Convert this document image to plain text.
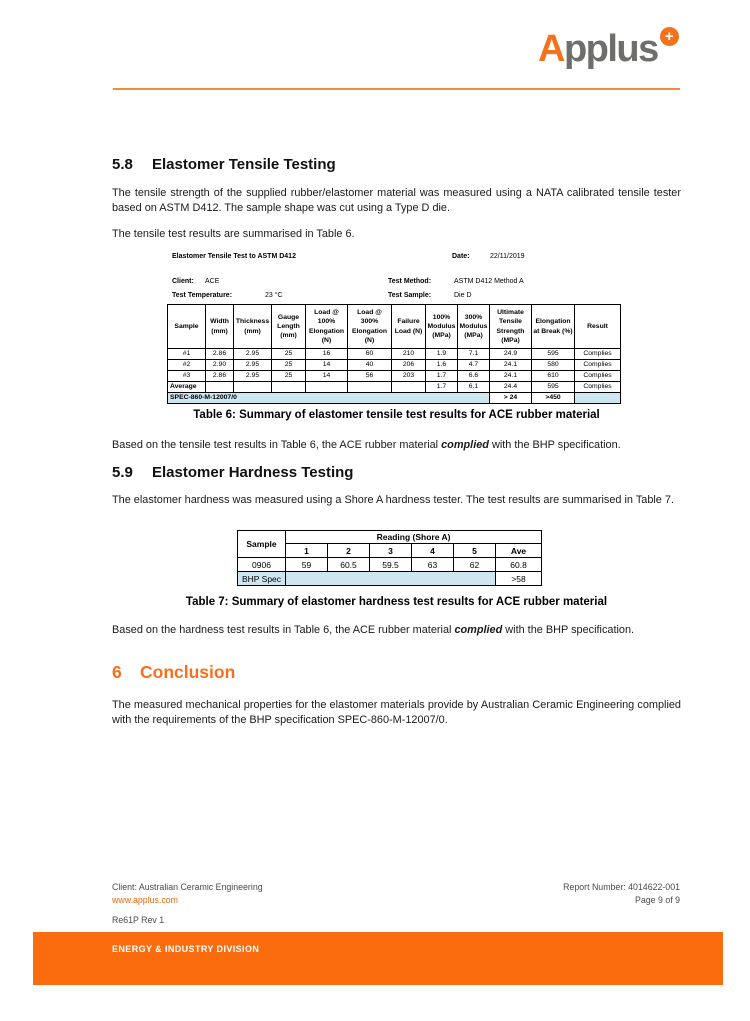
Applus +
5.8	Elastomer Tensile Testing
The tensile strength of the supplied rubber/elastomer material was measured using a NATA calibrated tensile tester based on ASTM D412. The sample shape was cut using a Type D die.
The tensile test results are summarised in Table 6.
Elastomer Tensile Test to ASTM D412	Date:	22/11/2019
Client: ACE	Test Method:	ASTM D412 Method A
Test Temperature:	23 °C	Test Sample:	Die D
Sample	Width (mm)	Thickness (mm)	Gauge Length (mm)	Load @ 100% Elongation (N)	Load @ 300% Elongation (N)	Failure Load (N)	100% Modulus (MPa)	300% Modulus (MPa)	Ultimate Tensile Strength (MPa)	Elongation at Break (%)	Result
#1	2.86	2.95	25	16	60	210	1.9	7.1	24.9	595	Complies
#2	2.90	2.95	25	14	40	206	1.6	4.7	24.1	580	Complies
#3	2.86	2.95	25	14	56	203	1.7	6.6	24.1	610	Complies
Average							1.7	6.1	24.4	595	Complies
SPEC-860-M-12007/0									> 24	>450	
Table 6: Summary of elastomer tensile test results for ACE rubber material
Based on the tensile test results in Table 6, the ACE rubber material complied with the BHP specification.
5.9	Elastomer Hardness Testing
The elastomer hardness was measured using a Shore A hardness tester. The test results are summarised in Table 7.
Sample	Reading (Shore A)					
	1	2	3	4	5	Ave
0906	59	60.5	59.5	63	62	60.8
BHP Spec						>58
Table 7: Summary of elastomer hardness test results for ACE rubber material
Based on the hardness test results in Table 6, the ACE rubber material complied with the BHP specification.
6	Conclusion
The measured mechanical properties for the elastomer materials provide by Australian Ceramic Engineering complied with the requirements of the BHP specification SPEC-860-M-12007/0.
Client: Australian Ceramic Engineering
www.applus.com
Re61P Rev 1
Report Number: 4014622-001
Page 9 of 9
ENERGY & INDUSTRY DIVISION
